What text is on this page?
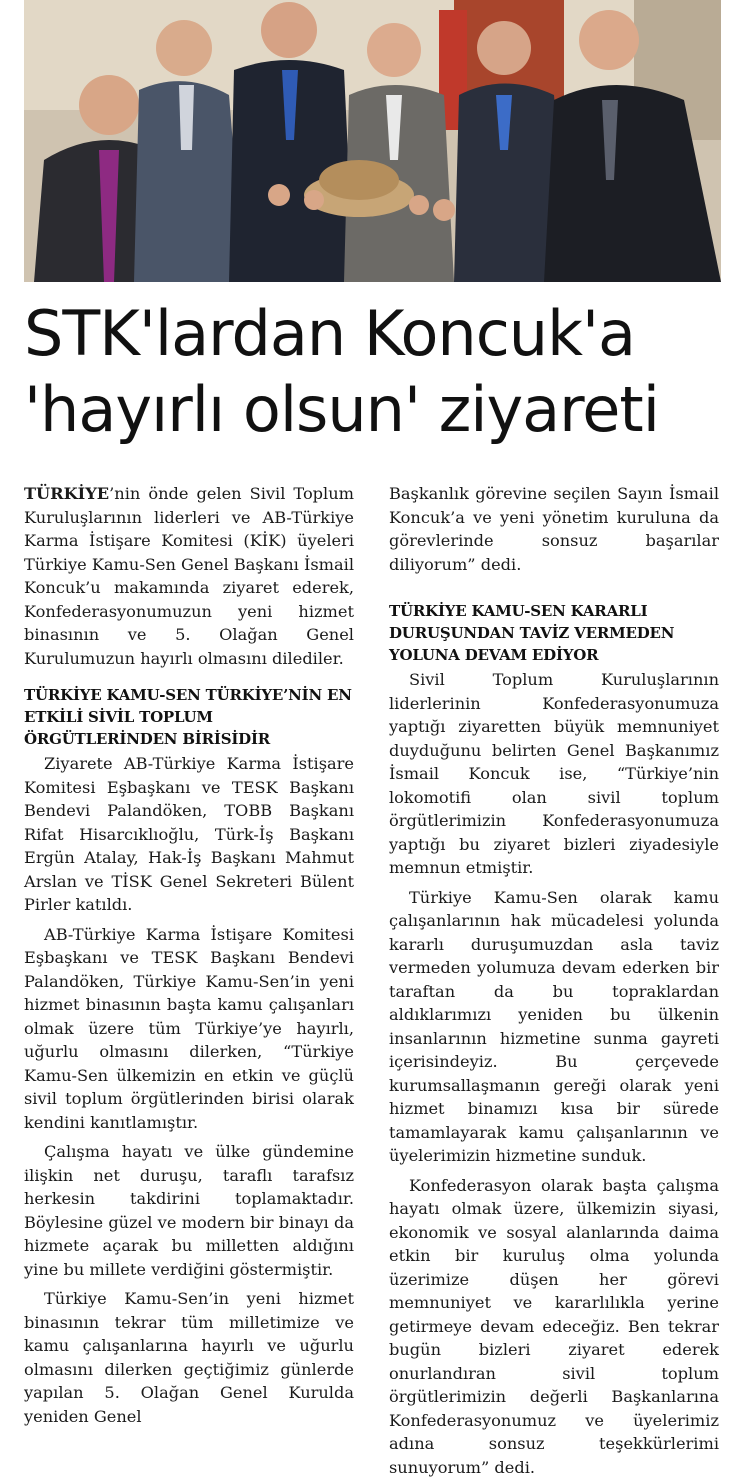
STK'lardan Koncuk'a
'hayırlı olsun' ziyareti

TÜRKİYE’nin önde gelen Sivil Toplum Kuruluşlarının liderleri ve AB-Türkiye Karma İstişare Komitesi (KİK) üyeleri Türkiye Kamu-Sen Genel Başkanı İsmail Koncuk’u makamında ziyaret ederek, Konfederasyonumuzun yeni hizmet binasının ve 5. Olağan Genel Kurulumuzun hayırlı olmasını dilediler.

TÜRKİYE KAMU-SEN TÜRKİYE’NİN EN ETKİLİ SİVİL TOPLUM ÖRGÜTLERİNDEN BİRİSİDİR

Ziyarete AB-Türkiye Karma İstişare Komitesi Eşbaşkanı ve TESK Başkanı Bendevi Palandöken, TOBB Başkanı Rifat Hisarcıklıoğlu, Türk-İş Başkanı Ergün Atalay, Hak-İş Başkanı Mahmut Arslan ve TİSK Genel Sekreteri Bülent Pirler katıldı.

AB-Türkiye Karma İstişare Komitesi Eşbaşkanı ve TESK Başkanı Bendevi Palandöken, Türkiye Kamu-Sen’in yeni hizmet binasının başta kamu çalışanları olmak üzere tüm Türkiye’ye hayırlı, uğurlu olmasını dilerken, “Türkiye Kamu-Sen ülkemizin en etkin ve güçlü sivil toplum örgütlerinden birisi olarak kendini kanıtlamıştır.

Çalışma hayatı ve ülke gündemine ilişkin net duruşu, taraflı tarafsız herkesin takdirini toplamaktadır. Böylesine güzel ve modern bir binayı da hizmete açarak bu milletten aldığını yine bu millete verdiğini göstermiştir.

Türkiye Kamu-Sen’in yeni hizmet binasının tekrar tüm milletimize ve kamu çalışanlarına hayırlı ve uğurlu olmasını dilerken geçtiğimiz günlerde yapılan 5. Olağan Genel Kurulda yeniden Genel

Başkanlık görevine seçilen Sayın İsmail Koncuk’a ve yeni yönetim kuruluna da görevlerinde sonsuz başarılar diliyorum” dedi.

TÜRKİYE KAMU-SEN KARARLI DURUŞUNDAN TAVİZ VERMEDEN YOLUNA DEVAM EDİYOR

Sivil Toplum Kuruluşlarının liderlerinin Konfederasyonumuza yaptığı ziyaretten büyük memnuniyet duyduğunu belirten Genel Başkanımız İsmail Koncuk ise, “Türkiye’nin lokomotifi olan sivil toplum örgütlerimizin Konfederasyonumuza yaptığı bu ziyaret bizleri ziyadesiyle memnun etmiştir.

Türkiye Kamu-Sen olarak kamu çalışanlarının hak mücadelesi yolunda kararlı duruşumuzdan asla taviz vermeden yolumuza devam ederken bir taraftan da bu topraklardan aldıklarımızı yeniden bu ülkenin insanlarının hizmetine sunma gayreti içerisindeyiz. Bu çerçevede kurumsallaşmanın gereği olarak yeni hizmet binamızı kısa bir sürede tamamlayarak kamu çalışanlarının ve üyelerimizin hizmetine sunduk.

Konfederasyon olarak başta çalışma hayatı olmak üzere, ülkemizin siyasi, ekonomik ve sosyal alanlarında daima etkin bir kuruluş olma yolunda üzerimize düşen her görevi memnuniyet ve kararlılıkla yerine getirmeye devam edeceğiz. Ben tekrar bugün bizleri ziyaret ederek onurlandıran sivil toplum örgütlerimizin değerli Başkanlarına Konfederasyonumuz ve üyelerimiz adına sonsuz teşekkürlerimi sunuyorum” dedi.
